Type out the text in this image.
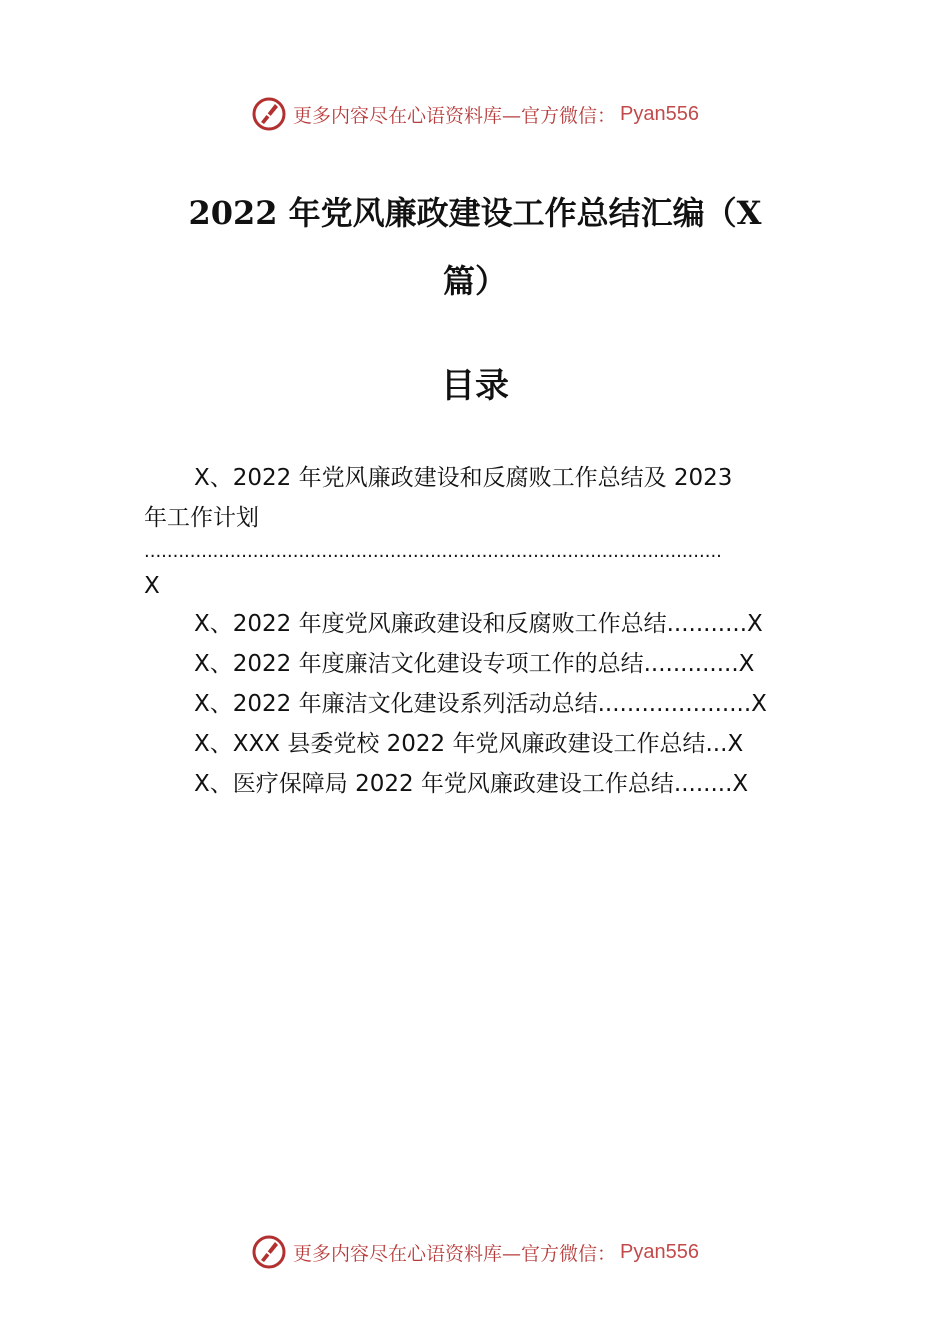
更多内容尽在心语资料库—官方微信： Pyan556
2022 年党风廉政建设工作总结汇编（X
篇）
目录
X、2022 年党风廉政建设和反腐败工作总结及 2023
年工作计划
.....................................................................................................
X
X、2022 年度党风廉政建设和反腐败工作总结...........X
X、2022 年度廉洁文化建设专项工作的总结.............X
X、2022 年廉洁文化建设系列活动总结.....................X
X、XXX 县委党校 2022 年党风廉政建设工作总结...X
X、医疗保障局 2022 年党风廉政建设工作总结........X
更多内容尽在心语资料库—官方微信： Pyan556
